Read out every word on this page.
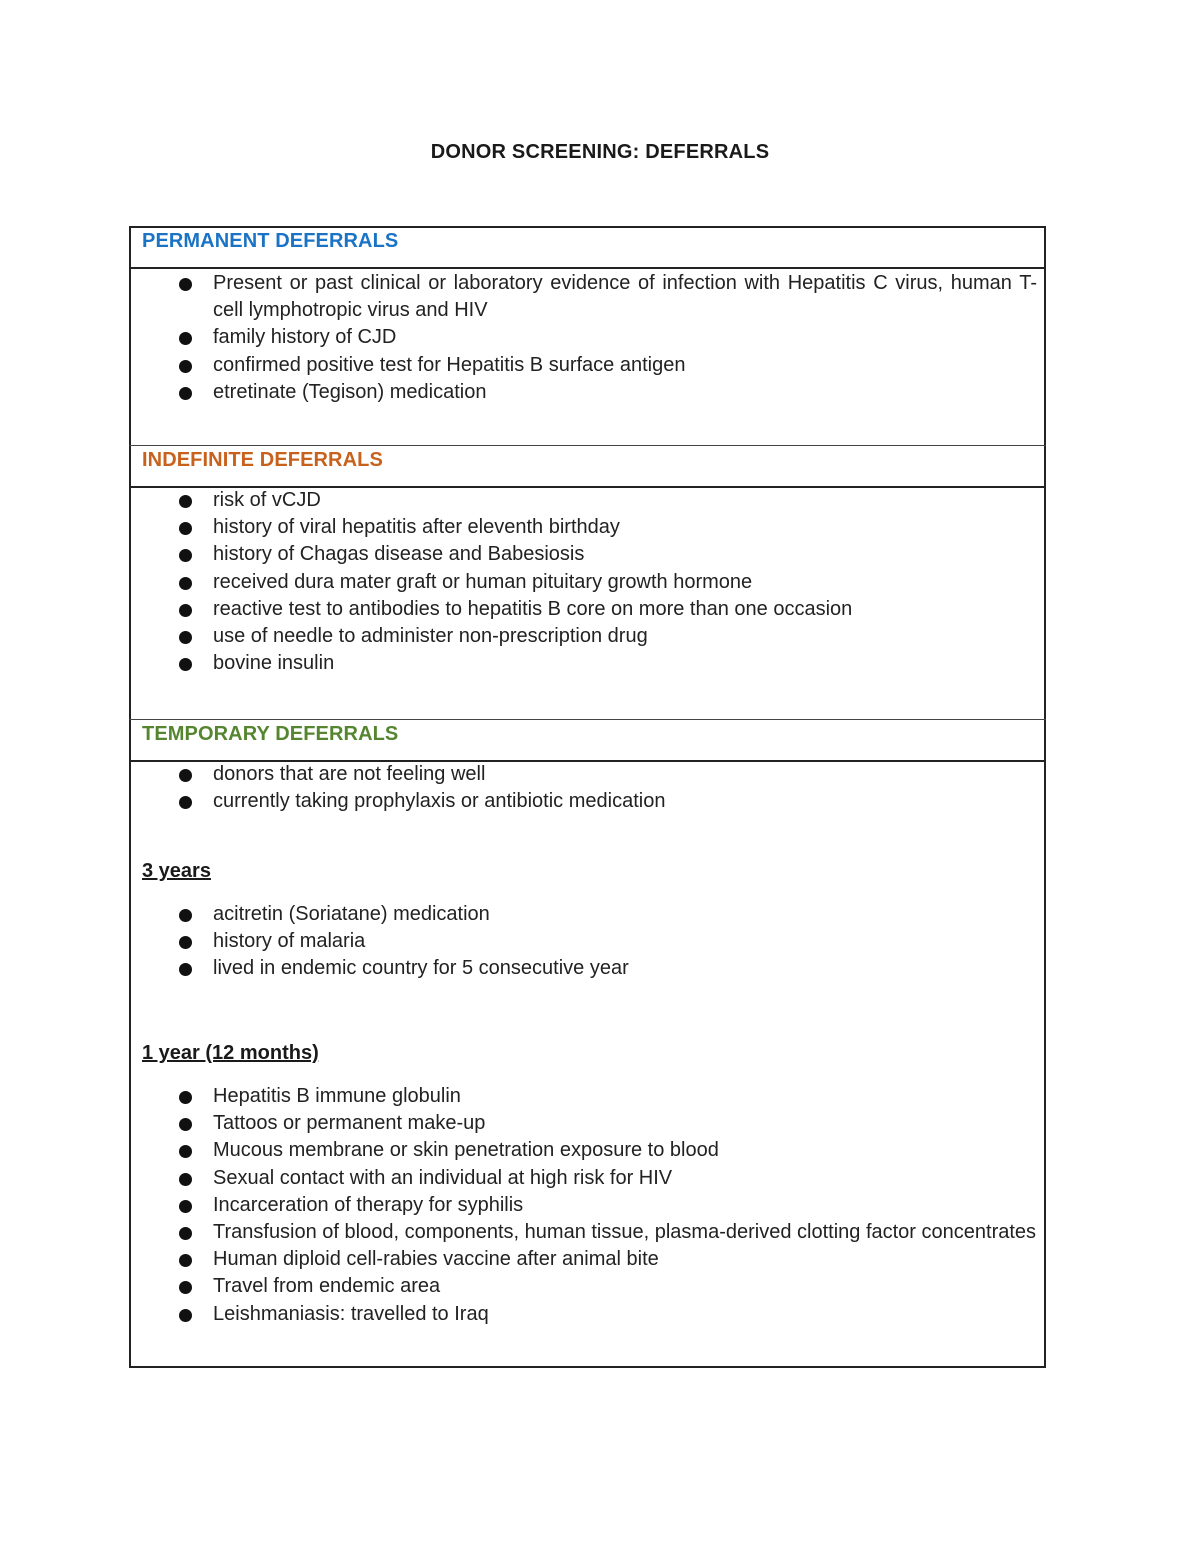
DONOR SCREENING: DEFERRALS
PERMANENT DEFERRALS
Present or past clinical or laboratory evidence of infection with Hepatitis C virus, human T-cell lymphotropic virus and HIV
family history of CJD
confirmed positive test for Hepatitis B surface antigen
etretinate (Tegison) medication
INDEFINITE DEFERRALS
risk of vCJD
history of viral hepatitis after eleventh birthday
history of Chagas disease and Babesiosis
received dura mater graft or human pituitary growth hormone
reactive test to antibodies to hepatitis B core on more than one occasion
use of needle to administer non-prescription drug
bovine insulin
TEMPORARY DEFERRALS
donors that are not feeling well
currently taking prophylaxis or antibiotic medication
3 years
acitretin (Soriatane) medication
history of malaria
lived in endemic country for 5 consecutive year
1 year (12 months)
Hepatitis B immune globulin
Tattoos or permanent make-up
Mucous membrane or skin penetration exposure to blood
Sexual contact with an individual at high risk for HIV
Incarceration of therapy for syphilis
Transfusion of blood, components, human tissue, plasma-derived clotting factor concentrates
Human diploid cell-rabies vaccine after animal bite
Travel from endemic area
Leishmaniasis: travelled to Iraq
